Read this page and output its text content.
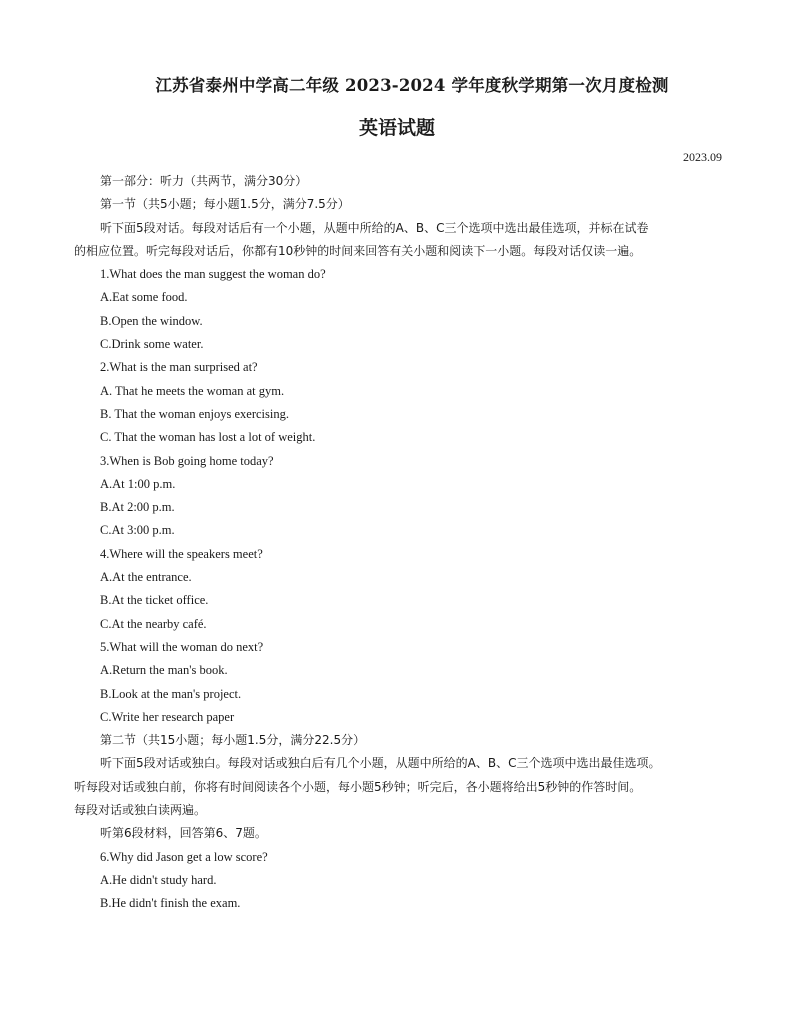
江苏省泰州中学高二年级 2023-2024 学年度秋学期第一次月度检测
英语试题
2023.09
第一部分：听力（共两节，满分30分）
第一节（共5小题；每小题1.5分，满分7.5分）
听下面5段对话。每段对话后有一个小题，从题中所给的A、B、C三个选项中选出最佳选项，并标在试卷
的相应位置。听完每段对话后，你都有10秒钟的时间来回答有关小题和阅读下一小题。每段对话仅读一遍。
1.What does the man suggest the woman do?
A.Eat some food.
B.Open the window.
C.Drink some water.
2.What is the man surprised at?
A. That he meets the woman at gym.
B. That the woman enjoys exercising.
C. That the woman has lost a lot of weight.
3.When is Bob going home today?
A.At 1:00 p.m.
B.At 2:00 p.m.
C.At 3:00 p.m.
4.Where will the speakers meet?
A.At the entrance.
B.At the ticket office.
C.At the nearby café.
5.What will the woman do next?
A.Return the man's book.
B.Look at the man's project.
C.Write her research paper
第二节（共15小题；每小题1.5分，满分22.5分）
听下面5段对话或独白。每段对话或独白后有几个小题，从题中所给的A、B、C三个选项中选出最佳选项。
听每段对话或独白前，你将有时间阅读各个小题，每小题5秒钟；听完后，各小题将给出5秒钟的作答时间。
每段对话或独白读两遍。
听第6段材料，回答第6、7题。
6.Why did Jason get a low score?
A.He didn't study hard.
B.He didn't finish the exam.
